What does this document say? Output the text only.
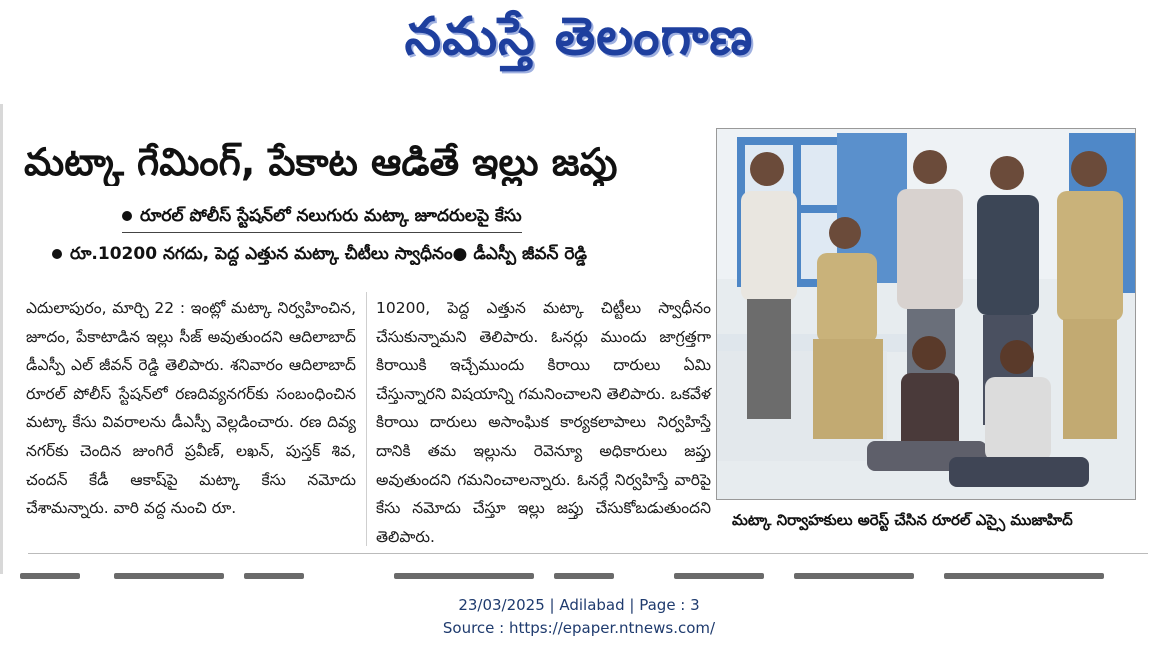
నమస్తే తెలంగాణ
మట్కా గేమింగ్, పేకాట ఆడితే ఇల్లు జప్తు
రూరల్ పోలీస్ స్టేషన్‌లో నలుగురు మట్కా జూదరులపై కేసు
రూ.10200 నగదు, పెద్ద ఎత్తున మట్కా చీటీలు స్వాధీనం● డీఎస్పీ జీవన్ రెడ్డి
ఎదులాపురం, మార్చి 22 : ఇంట్లో మట్కా నిర్వహించిన, జూదం, పేకాటాడిన ఇల్లు సీజ్ అవుతుందని ఆదిలాబాద్ డీఎస్పీ ఎల్ జీవన్ రెడ్డి తెలిపారు. శనివారం ఆదిలాబాద్ రూరల్ పోలీస్ స్టేషన్‌లో రణదివ్యనగర్‌కు సంబంధించిన మట్కా కేసు వివరాలను డీఎస్పీ వెల్లడించారు. రణ దివ్య నగర్‌కు చెందిన జుంగిరే ప్రవీణ్, లఖన్, పుస్తక్ శివ, చందన్ కేడీ ఆకాష్‌పై మట్కా కేసు నమోదు చేశామన్నారు. వారి వద్ద నుంచి రూ.
10200, పెద్ద ఎత్తున మట్కా చిట్టీలు స్వాధీనం చేసుకున్నామని తెలిపారు. ఓనర్లు ముందు జాగ్రత్తగా కిరాయికి ఇచ్చేముందు కిరాయి దారులు ఏమి చేస్తున్నారని విషయాన్ని గమనించాలని తెలిపారు. ఒకవేళ కిరాయి దారులు అసాంఘిక కార్యకలాపాలు నిర్వహిస్తే దానికి తమ ఇల్లును రెవెన్యూ అధికారులు జప్తు అవుతుందని గమనించాలన్నారు. ఓనర్లే నిర్వహిస్తే వారిపై కేసు నమోదు చేస్తూ ఇల్లు జప్తు చేసుకోబడుతుందని తెలిపారు.
మట్కా నిర్వాహకులు అరెస్ట్ చేసిన రూరల్ ఎస్సై ముజాహిద్
23/03/2025 | Adilabad | Page : 3
Source : https://epaper.ntnews.com/
